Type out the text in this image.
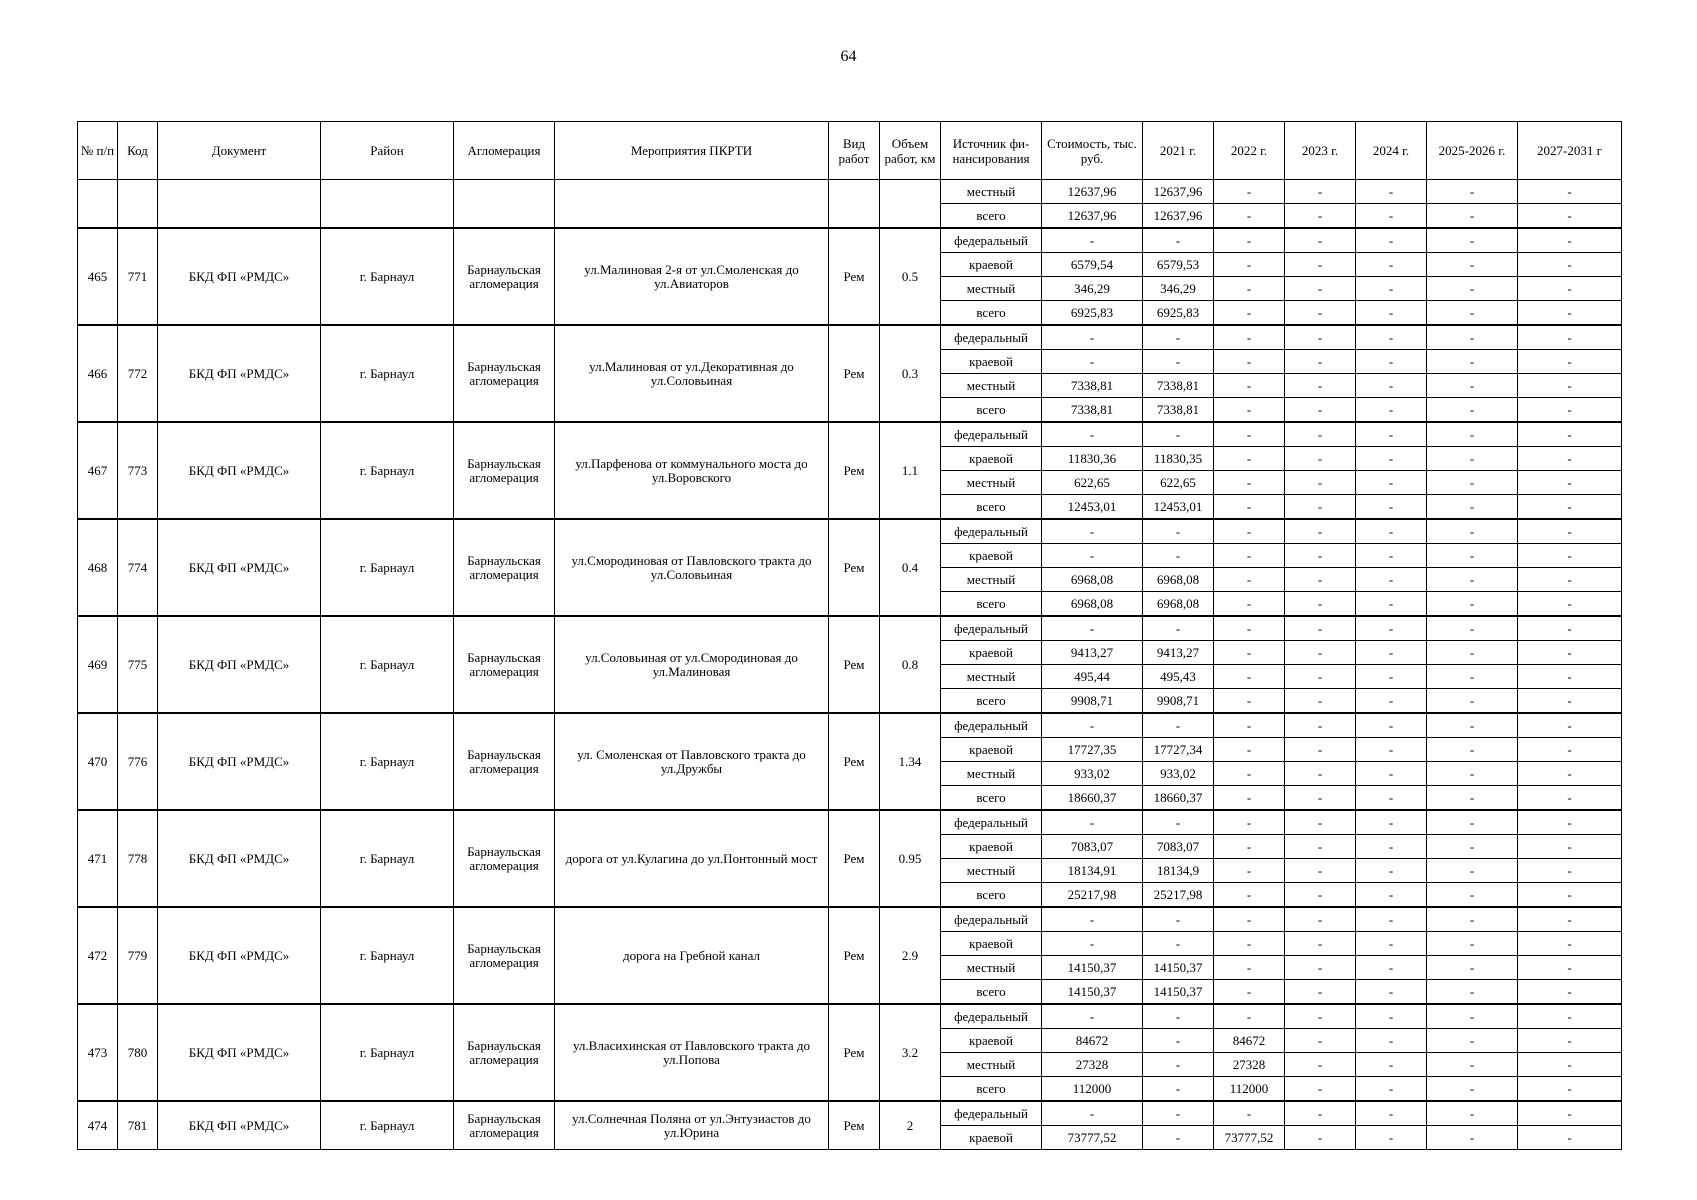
64
№ п/п	Код	Документ	Район	Агломерация	Мероприятия ПКРТИ	Вид работ	Объем работ, км	Источник фи-нансирования	Стоимость, тыс. руб.	2021 г.	2022 г.	2023 г.	2024 г.	2025-2026 г.	2027-2031 г
								местный	12637,96	12637,96	-	-	-	-	-
								всего	12637,96	12637,96	-	-	-	-	-
465	771	БКД ФП «РМДС»	г. Барнаул	Барнаульская агломерация	ул.Малиновая 2-я от ул.Смоленская до ул.Авиаторов	Рем	0.5	федеральный	-	-	-	-	-	-	-
								краевой	6579,54	6579,53	-	-	-	-	-
								местный	346,29	346,29	-	-	-	-	-
								всего	6925,83	6925,83	-	-	-	-	-
466	772	БКД ФП «РМДС»	г. Барнаул	Барнаульская агломерация	ул.Малиновая от ул.Декоративная до ул.Соловьиная	Рем	0.3	федеральный	-	-	-	-	-	-	-
								краевой	-	-	-	-	-	-	-
								местный	7338,81	7338,81	-	-	-	-	-
								всего	7338,81	7338,81	-	-	-	-	-
467	773	БКД ФП «РМДС»	г. Барнаул	Барнаульская агломерация	ул.Парфенова от коммунального моста до ул.Воровского	Рем	1.1	федеральный	-	-	-	-	-	-	-
								краевой	11830,36	11830,35	-	-	-	-	-
								местный	622,65	622,65	-	-	-	-	-
								всего	12453,01	12453,01	-	-	-	-	-
468	774	БКД ФП «РМДС»	г. Барнаул	Барнаульская агломерация	ул.Смородиновая от Павловского тракта до ул.Соловьиная	Рем	0.4	федеральный	-	-	-	-	-	-	-
								краевой	-	-	-	-	-	-	-
								местный	6968,08	6968,08	-	-	-	-	-
								всего	6968,08	6968,08	-	-	-	-	-
469	775	БКД ФП «РМДС»	г. Барнаул	Барнаульская агломерация	ул.Соловьиная от ул.Смородиновая до ул.Малиновая	Рем	0.8	федеральный	-	-	-	-	-	-	-
								краевой	9413,27	9413,27	-	-	-	-	-
								местный	495,44	495,43	-	-	-	-	-
								всего	9908,71	9908,71	-	-	-	-	-
470	776	БКД ФП «РМДС»	г. Барнаул	Барнаульская агломерация	ул. Смоленская от Павловского тракта до ул.Дружбы	Рем	1.34	федеральный	-	-	-	-	-	-	-
								краевой	17727,35	17727,34	-	-	-	-	-
								местный	933,02	933,02	-	-	-	-	-
								всего	18660,37	18660,37	-	-	-	-	-
471	778	БКД ФП «РМДС»	г. Барнаул	Барнаульская агломерация	дорога от ул.Кулагина до ул.Понтонный мост	Рем	0.95	федеральный	-	-	-	-	-	-	-
								краевой	7083,07	7083,07	-	-	-	-	-
								местный	18134,91	18134,9	-	-	-	-	-
								всего	25217,98	25217,98	-	-	-	-	-
472	779	БКД ФП «РМДС»	г. Барнаул	Барнаульская агломерация	дорога на Гребной канал	Рем	2.9	федеральный	-	-	-	-	-	-	-
								краевой	-	-	-	-	-	-	-
								местный	14150,37	14150,37	-	-	-	-	-
								всего	14150,37	14150,37	-	-	-	-	-
473	780	БКД ФП «РМДС»	г. Барнаул	Барнаульская агломерация	ул.Власихинская от Павловского тракта до ул.Попова	Рем	3.2	федеральный	-	-	-	-	-	-	-
								краевой	84672	-	84672	-	-	-	-
								местный	27328	-	27328	-	-	-	-
								всего	112000	-	112000	-	-	-	-
474	781	БКД ФП «РМДС»	г. Барнаул	Барнаульская агломерация	ул.Солнечная Поляна от ул.Энтузиастов до ул.Юрина	Рем	2	федеральный	-	-	-	-	-	-	-
								краевой	73777,52	-	73777,52	-	-	-	-
